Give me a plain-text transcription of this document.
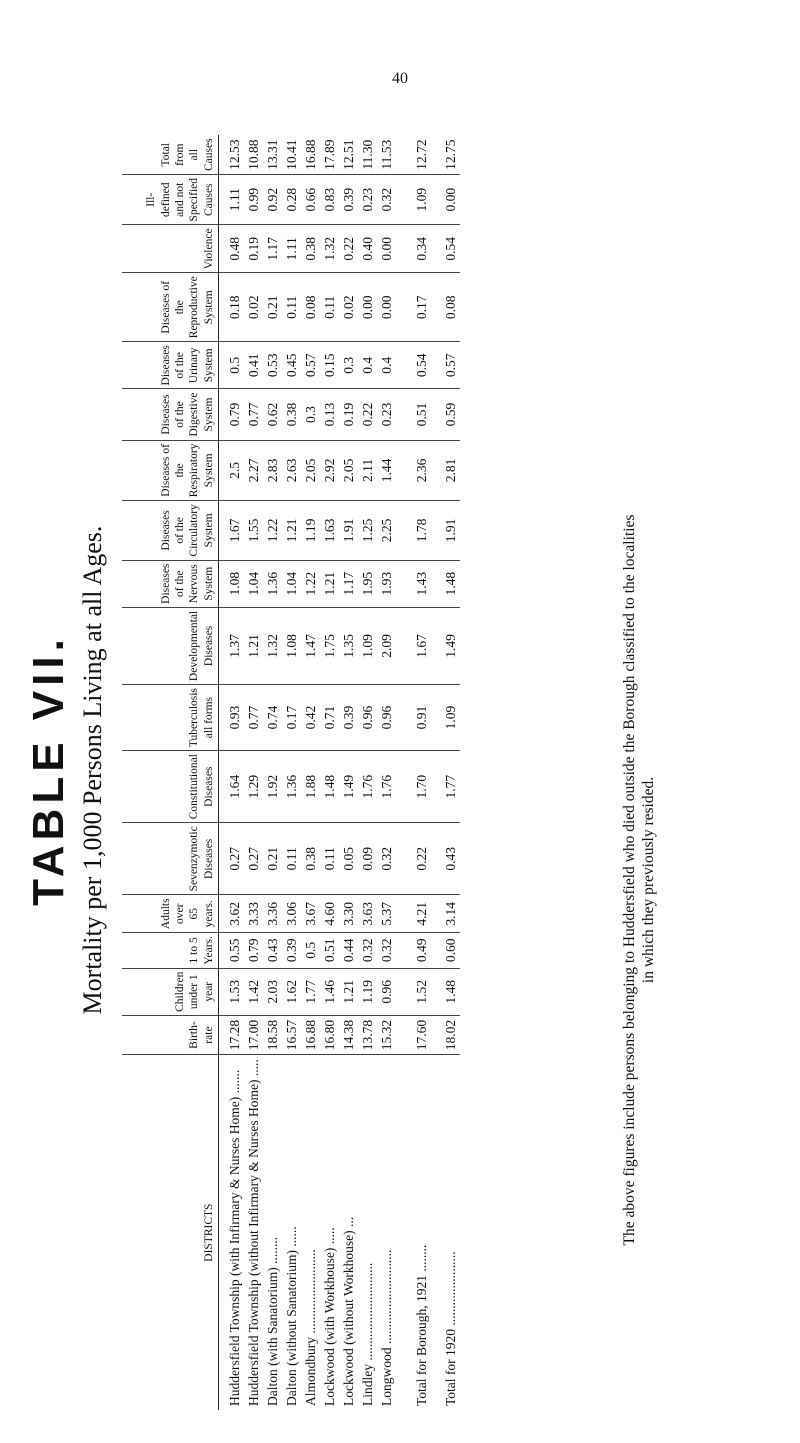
40
TABLE VII. Mortality per 1,000 Persons Living at all Ages.
DISTRICTS	Birth-rate	Children under 1 year	1 to 5 Years.	Adults over 65 years.	Sevenzymotic Diseases	Constitutional Diseases	Tuberculosis all forms	Developmental Diseases	Diseases of the Nervous System	Diseases of the Circulatory System	Diseases of the Respiratory System	Diseases of the Digestive System	Diseases of the Urinary System	Diseases of the Reproductive System	Violence	Ill-defined and not Specified Causes	Total from all Causes
Huddersfield Township (with Infirmary & Nurses Home) .......	17.28	1.53	0.55	3.62	0.27	1.64	0.93	1.37	1.08	1.67	2.5	0.79	0.5	0.18	0.48	1.11	12.53
Huddersfield Township (without Infirmary & Nurses Home) .....	17.00	1.42	0.79	3.33	0.27	1.29	0.77	1.21	1.04	1.55	2.27	0.77	0.41	0.02	0.19	0.99	10.88
Dalton (with Sanatorium) ........	18.58	2.03	0.43	3.36	0.21	1.92	0.74	1.32	1.36	1.22	2.83	0.62	0.53	0.21	1.17	0.92	13.31
Dalton (without Sanatorium) ......	16.57	1.62	0.39	3.06	0.11	1.36	0.17	1.08	1.04	1.21	2.63	0.38	0.45	0.11	1.11	0.28	10.41
Almondbury .........................	16.88	1.77	0.5	3.67	0.38	1.88	0.42	1.47	1.22	1.19	2.05	0.3	0.57	0.08	0.38	0.66	16.88
Lockwood (with Workhouse) .....	16.80	1.46	0.51	4.60	0.11	1.48	0.71	1.75	1.21	1.63	2.92	0.13	0.15	0.11	1.32	0.83	17.89
Lockwood (without Workhouse) ...	14.38	1.21	0.44	3.30	0.05	1.49	0.39	1.35	1.17	1.91	2.05	0.19	0.3	0.02	0.22	0.39	12.51
Lindley .............................	13.78	1.19	0.32	3.63	0.09	1.76	0.96	1.09	1.95	1.25	2.11	0.22	0.4	0.00	0.40	0.23	11.30
Longwood ............................	15.32	0.96	0.32	5.37	0.32	1.76	0.96	2.09	1.93	2.25	1.44	0.23	0.4	0.00	0.00	0.32	11.53

Total for Borough, 1921 ........	17.60	1.52	0.49	4.21	0.22	1.70	0.91	1.67	1.43	1.78	2.36	0.51	0.54	0.17	0.34	1.09	12.72
Total for 1920 ......................	18.02	1.48	0.60	3.14	0.43	1.77	1.09	1.49	1.48	1.91	2.81	0.59	0.57	0.08	0.54	0.00	12.75
The above figures include persons belonging to Huddersfield who died outside the Borough classified to the localities in which they previously resided.
